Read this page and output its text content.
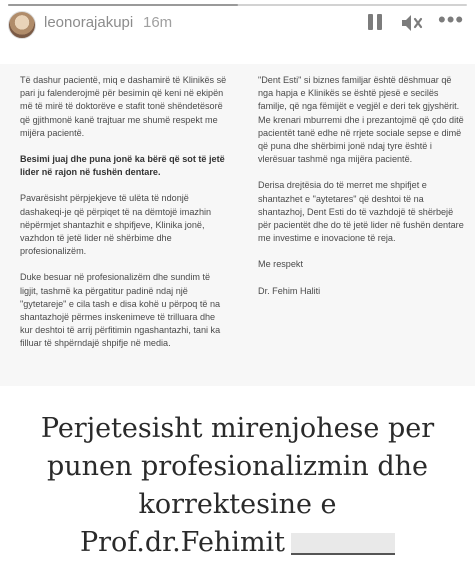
leonorajakupi 16m	•••

Të dashur pacientë, miq e dashamirë të Klinikës së pari ju falenderojmë për besimin që keni në ekipën më të mirë të doktorëve e stafit tonë shëndetësorë që gjithmonë kanë trajtuar me shumë respekt me mijëra pacientë.

Besimi juaj dhe puna jonë ka bërë që sot të jetë lider në rajon në fushën dentare.

Pavarësisht përpjekjeve të ulëta të ndonjë dashakeqi-je që përpiqet të na dëmtojë imazhin nëpërmjet shantazhit e shpifjeve, Klinika jonë, vazhdon të jetë lider në shërbime dhe profesionalizëm.

Duke besuar në profesionalizëm dhe sundim të ligjit, tashmë ka përgatitur padinë ndaj një "gytetareje" e cila tash e disa kohë u përpoq të na shantazhojë përmes inskenimeve të trilluara dhe kur deshtoi të arrij përfitimin ngashantazhi, tani ka filluar të shpërndajë shpifje në media.

"Dent Esti" si biznes familjar është dëshmuar që nga hapja e Klinikës se është pjesë e secilës familje, që nga fëmijët e vegjël e deri tek gjyshërit. Me krenari mburremi dhe i prezantojmë që çdo ditë pacientët tanë edhe në rrjete sociale sepse e dimë që puna dhe shërbimi jonë ndaj tyre është i vlerësuar tashmë nga mijëra pacientë.

Derisa drejtësia do të merret me shpifjet e shantazhet e "aytetares" që deshtoi të na shantazhoj, Dent Esti do të vazhdojë të shërbejë për pacientët dhe do të jetë lider në fushën dentare me investime e inovacione të reja.

Me respekt

Dr. Fehim Haliti

Perjetesisht mirenjohese per
punen profesionalizmin dhe
korrektesine e
Prof.dr.Fehimit
